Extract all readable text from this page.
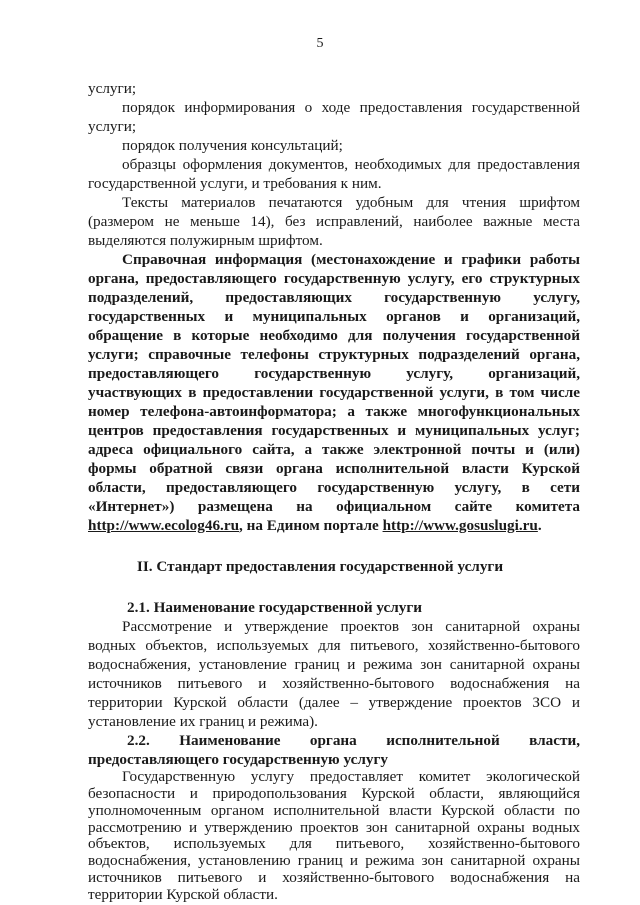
5
услуги;
порядок информирования о ходе предоставления государственной
услуги;
порядок получения консультаций;
образцы оформления документов, необходимых для предоставления
государственной услуги, и требования к ним.
Тексты материалов печатаются удобным для чтения шрифтом
(размером не меньше 14), без исправлений, наиболее важные места
выделяются полужирным шрифтом.
Справочная информация (местонахождение и графики работы
органа, предоставляющего государственную услугу, его структурных
подразделений, предоставляющих государственную услугу,
государственных и муниципальных органов и организаций,
обращение в которые необходимо для получения государственной
услуги; справочные телефоны структурных подразделений органа,
предоставляющего государственную услугу, организаций,
участвующих в предоставлении государственной услуги, в том числе
номер телефона-автоинформатора; а также многофункциональных
центров предоставления государственных и муниципальных услуг;
адреса официального сайта, а также электронной почты и (или)
формы обратной связи органа исполнительной власти Курской
области, предоставляющего государственную услугу, в сети
«Интернет») размещена на официальном сайте комитета
http://www.ecolog46.ru, на Едином портале http://www.gosuslugi.ru.
II. Стандарт предоставления государственной услуги
2.1. Наименование государственной услуги
Рассмотрение и утверждение проектов зон санитарной охраны
водных объектов, используемых для питьевого, хозяйственно-бытового
водоснабжения, установление границ и режима зон санитарной охраны
источников питьевого и хозяйственно-бытового водоснабжения на
территории Курской области (далее – утверждение проектов ЗСО и
установление их границ и режима).
2.2. Наименование органа исполнительной власти,
предоставляющего государственную услугу
Государственную услугу предоставляет комитет экологической
безопасности и природопользования Курской области, являющийся
уполномоченным органом исполнительной власти Курской области по
рассмотрению и утверждению проектов зон санитарной охраны водных
объектов, используемых для питьевого, хозяйственно-бытового
водоснабжения, установлению границ и режима зон санитарной охраны
источников питьевого и хозяйственно-бытового водоснабжения на
территории Курской области.
